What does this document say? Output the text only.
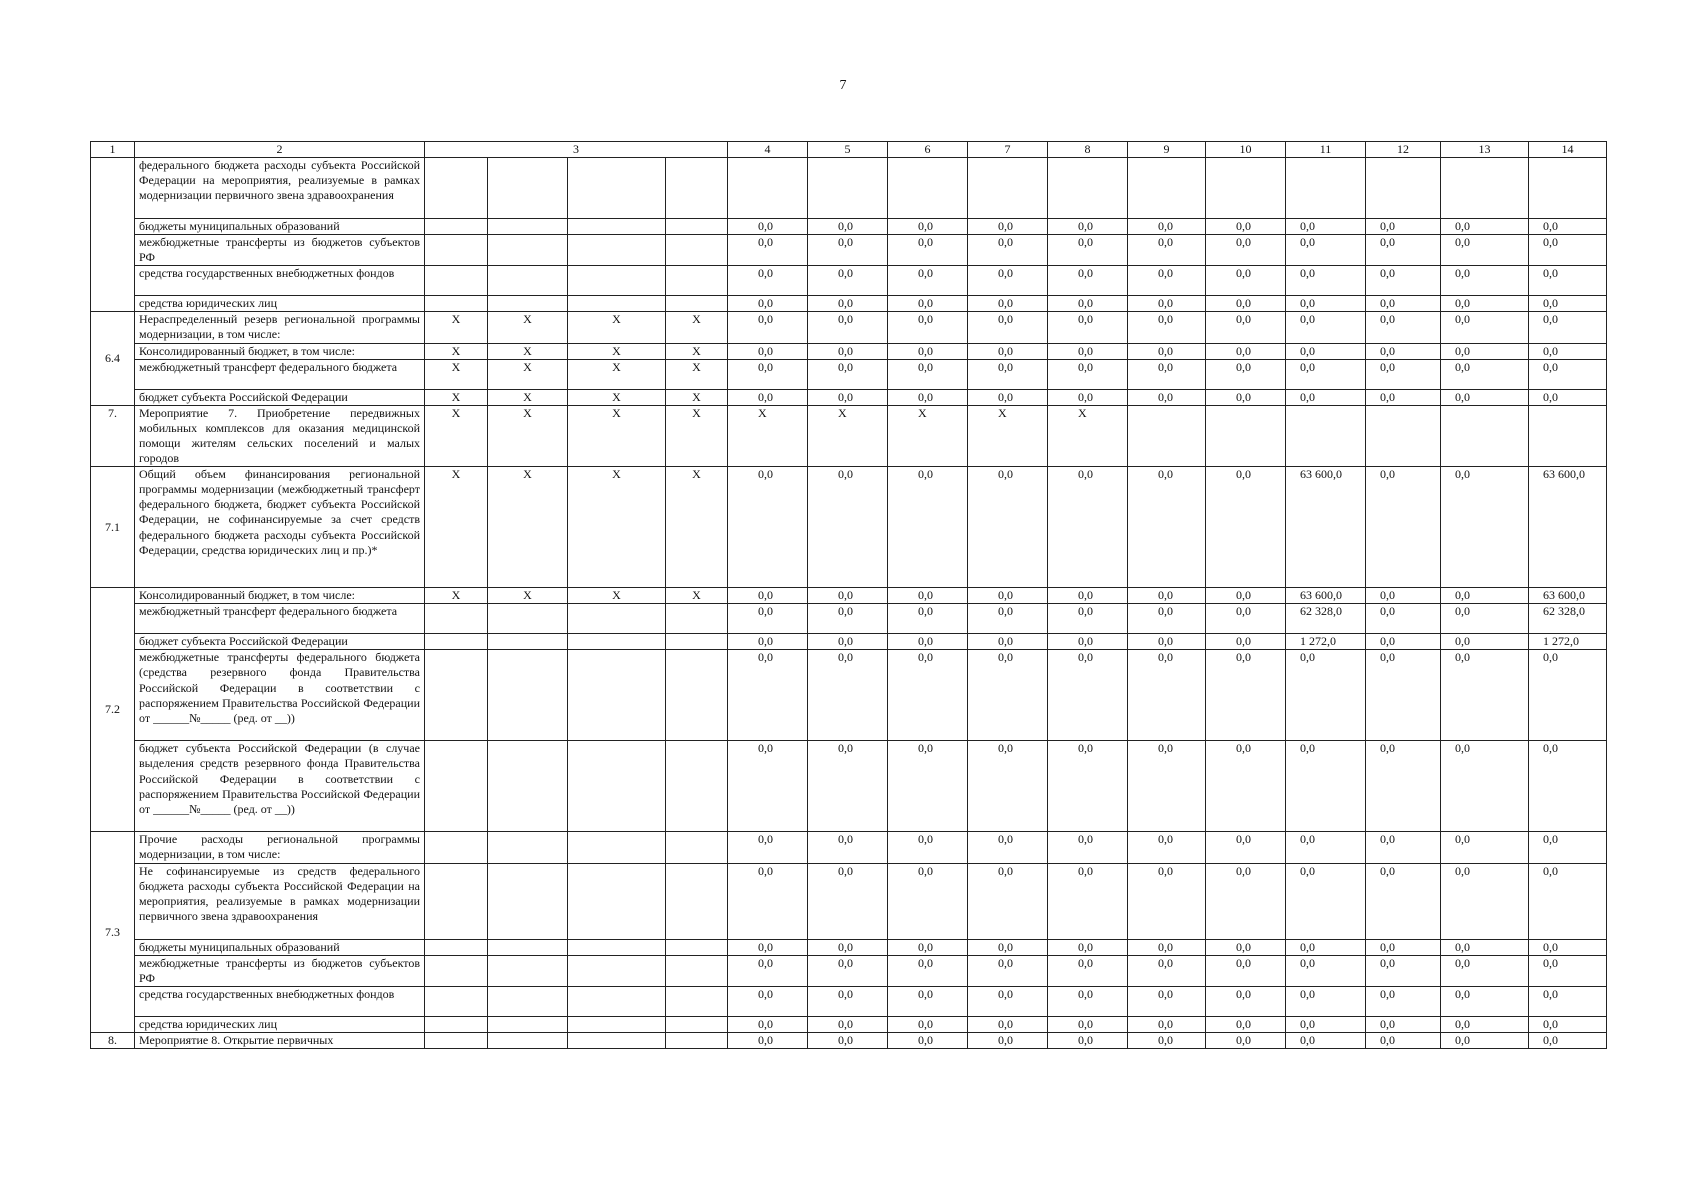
7
1	2	3				4	5	6	7	8	9	10	11	12	13	14
	федерального бюджета расходы субъекта Российской Федерации на мероприятия, реализуемые в рамках модернизации первичного звена здравоохранения															
	бюджеты муниципальных образований					0,0	0,0	0,0	0,0	0,0	0,0	0,0	0,0	0,0	0,0	0,0
	межбюджетные трансферты из бюджетов субъектов РФ					0,0	0,0	0,0	0,0	0,0	0,0	0,0	0,0	0,0	0,0	0,0
	средства государственных внебюджетных фондов					0,0	0,0	0,0	0,0	0,0	0,0	0,0	0,0	0,0	0,0	0,0
	средства юридических лиц					0,0	0,0	0,0	0,0	0,0	0,0	0,0	0,0	0,0	0,0	0,0
6.4	Нераспределенный резерв региональной программы модернизации, в том числе:	X	X	X	X	0,0	0,0	0,0	0,0	0,0	0,0	0,0	0,0	0,0	0,0	0,0
	Консолидированный бюджет, в том числе:	X	X	X	X	0,0	0,0	0,0	0,0	0,0	0,0	0,0	0,0	0,0	0,0	0,0
	межбюджетный трансферт федерального бюджета	X	X	X	X	0,0	0,0	0,0	0,0	0,0	0,0	0,0	0,0	0,0	0,0	0,0
	бюджет субъекта Российской Федерации	X	X	X	X	0,0	0,0	0,0	0,0	0,0	0,0	0,0	0,0	0,0	0,0	0,0
7.	Мероприятие 7. Приобретение передвижных мобильных комплексов для оказания медицинской помощи жителям сельских поселений и малых городов	X	X	X	X	X	X	X	X	X						
7.1	Общий объем финансирования региональной программы модернизации (межбюджетный трансферт федерального бюджета, бюджет субъекта Российской Федерации, не софинансируемые за счет средств федерального бюджета расходы субъекта Российской Федерации, средства юридических лиц и пр.)*	X	X	X	X	0,0	0,0	0,0	0,0	0,0	0,0	0,0	63 600,0	0,0	0,0	63 600,0
7.2	Консолидированный бюджет, в том числе:	X	X	X	X	0,0	0,0	0,0	0,0	0,0	0,0	0,0	63 600,0	0,0	0,0	63 600,0
	межбюджетный трансферт федерального бюджета					0,0	0,0	0,0	0,0	0,0	0,0	0,0	62 328,0	0,0	0,0	62 328,0
	бюджет субъекта Российской Федерации					0,0	0,0	0,0	0,0	0,0	0,0	0,0	1 272,0	0,0	0,0	1 272,0
	межбюджетные трансферты федерального бюджета (средства резервного фонда Правительства Российской Федерации в соответствии с распоряжением Правительства Российской Федерации от ______№_____ (ред. от __))					0,0	0,0	0,0	0,0	0,0	0,0	0,0	0,0	0,0	0,0	0,0
	бюджет субъекта Российской Федерации (в случае выделения средств резервного фонда Правительства Российской Федерации в соответствии с распоряжением Правительства Российской Федерации от ______№_____ (ред. от __))					0,0	0,0	0,0	0,0	0,0	0,0	0,0	0,0	0,0	0,0	0,0
7.3	Прочие расходы региональной программы модернизации, в том числе:					0,0	0,0	0,0	0,0	0,0	0,0	0,0	0,0	0,0	0,0	0,0
	Не софинансируемые из средств федерального бюджета расходы субъекта Российской Федерации на мероприятия, реализуемые в рамках модернизации первичного звена здравоохранения					0,0	0,0	0,0	0,0	0,0	0,0	0,0	0,0	0,0	0,0	0,0
	бюджеты муниципальных образований					0,0	0,0	0,0	0,0	0,0	0,0	0,0	0,0	0,0	0,0	0,0
	межбюджетные трансферты из бюджетов субъектов РФ					0,0	0,0	0,0	0,0	0,0	0,0	0,0	0,0	0,0	0,0	0,0
	средства государственных внебюджетных фондов					0,0	0,0	0,0	0,0	0,0	0,0	0,0	0,0	0,0	0,0	0,0
	средства юридических лиц					0,0	0,0	0,0	0,0	0,0	0,0	0,0	0,0	0,0	0,0	0,0
8.	Мероприятие 8. Открытие первичных					0,0	0,0	0,0	0,0	0,0	0,0	0,0	0,0	0,0	0,0	0,0
